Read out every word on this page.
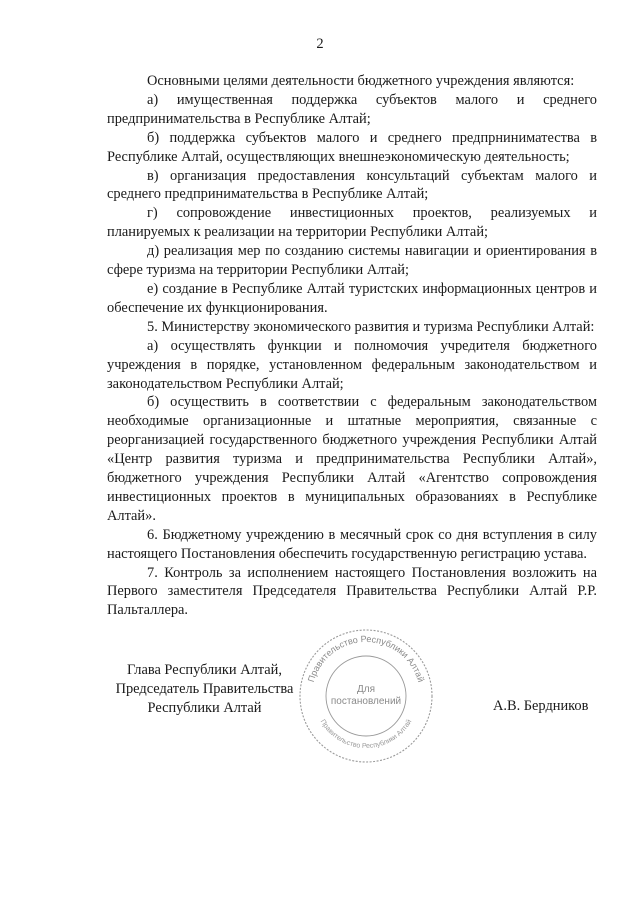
2

Основными целями деятельности бюджетного учреждения являются:

а) имущественная поддержка субъектов малого и среднего предпринимательства в Республике Алтай;

б) поддержка субъектов малого и среднего предпрниниматества в Республике Алтай, осуществляющих внешнеэкономическую деятельность;

в) организация предоставления консультаций субъектам малого и среднего предпринимательства в Республике Алтай;

г) сопровождение инвестиционных проектов, реализуемых и планируемых к реализации на территории Республики Алтай;

д) реализация мер по созданию системы навигации и ориентирования в сфере туризма на территории Республики Алтай;

е) создание в Республике Алтай туристских информационных центров и обеспечение их функционирования.

5. Министерству экономического развития и туризма Республики Алтай:

а) осуществлять функции и полномочия учредителя бюджетного учреждения в порядке, установленном федеральным законодательством и законодательством Республики Алтай;

б) осуществить в соответствии с федеральным законодательством необходимые организационные и штатные мероприятия, связанные с реорганизацией государственного бюджетного учреждения Республики Алтай «Центр развития туризма и предпринимательства Республики Алтай», бюджетного учреждения Республики Алтай «Агентство сопровождения инвестиционных проектов в муниципальных образованиях в Республике Алтай».

6. Бюджетному учреждению в месячный срок со дня вступления в силу настоящего Постановления обеспечить государственную регистрацию устава.

7. Контроль за исполнением настоящего Постановления возложить на Первого заместителя Председателя Правительства Республики Алтай Р.Р. Пальталлера.

Глава Республики Алтай,
Председатель Правительства
Республики Алтай
Правительство Республики Алтай
Правительство Республики Алтай
Для
постановлений	А.В. Бердников
